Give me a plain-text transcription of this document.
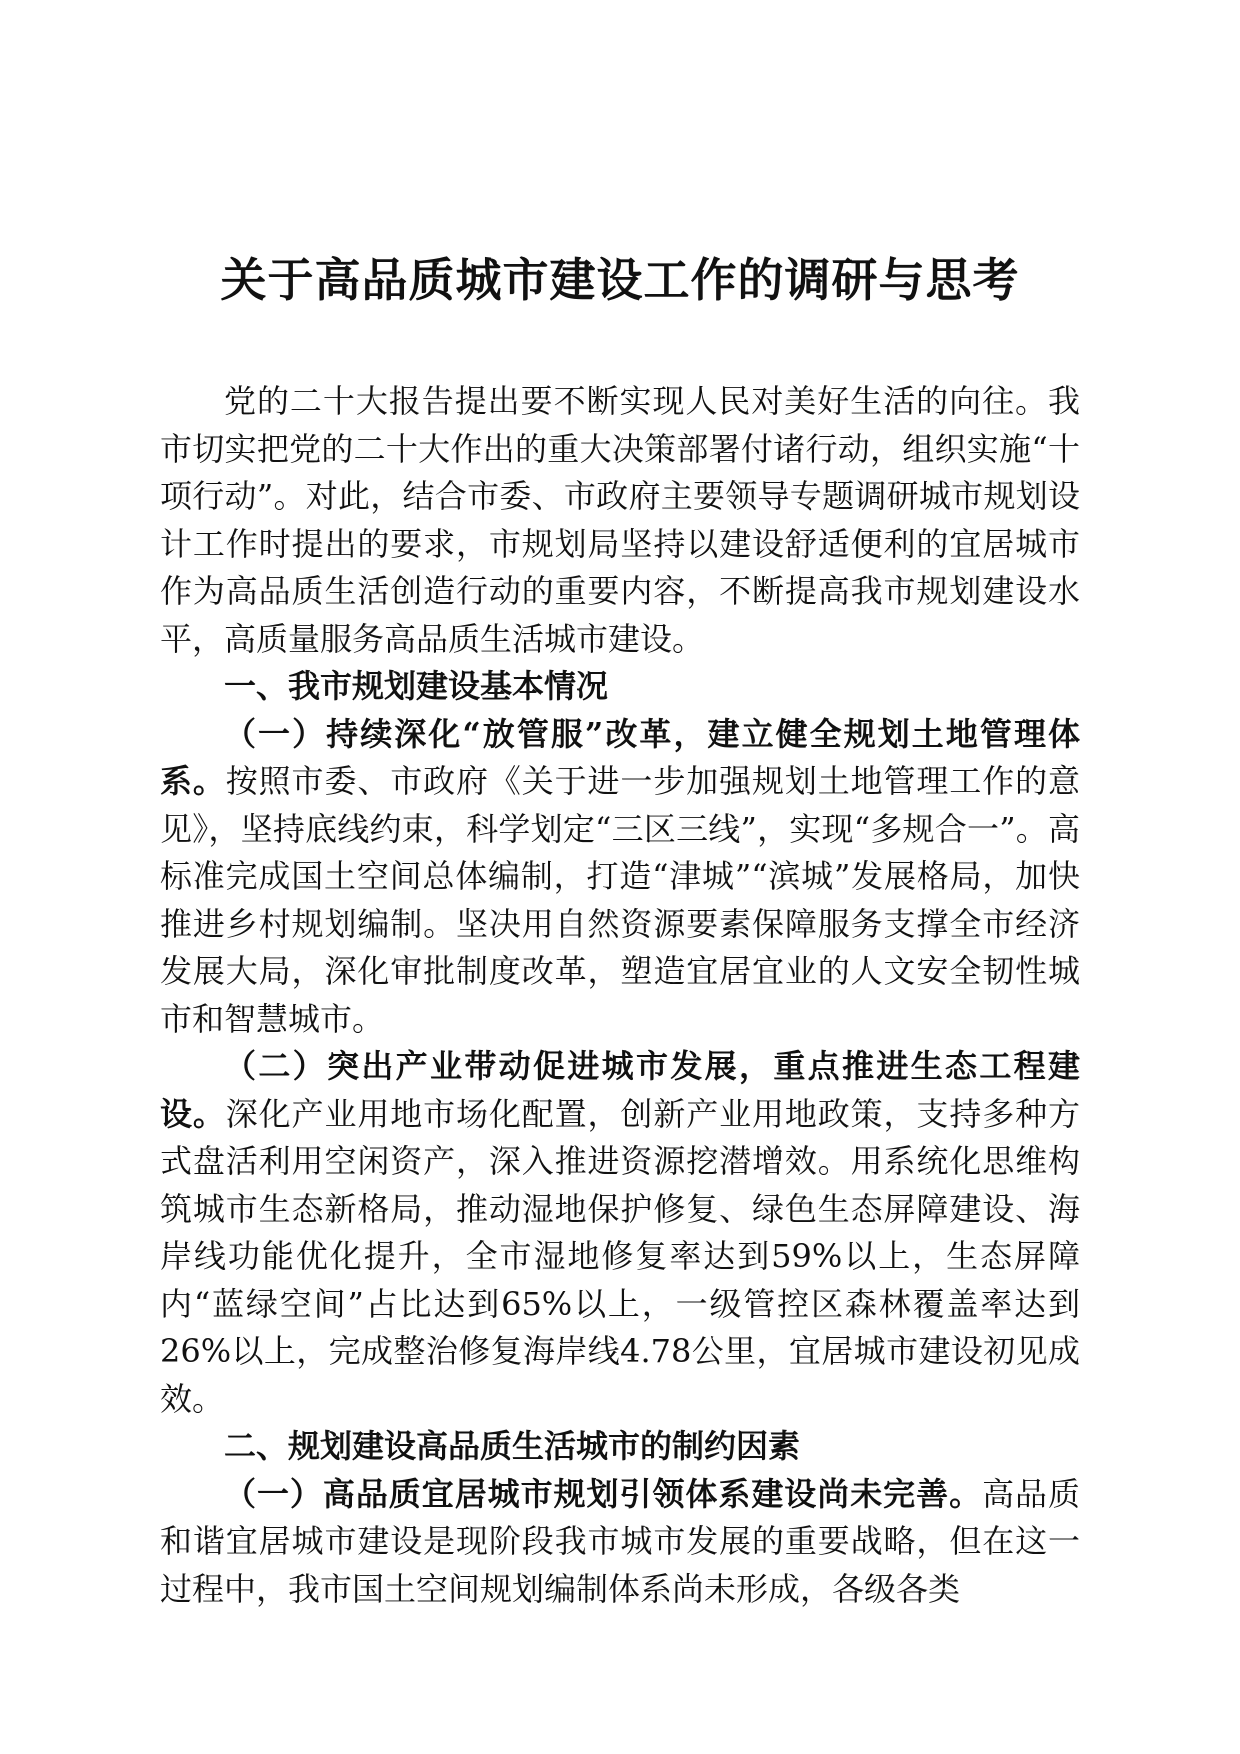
关于高品质城市建设工作的调研与思考

党的二十大报告提出要不断实现人民对美好生活的向往。我市切实把党的二十大作出的重大决策部署付诸行动，组织实施“十项行动”。对此，结合市委、市政府主要领导专题调研城市规划设计工作时提出的要求，市规划局坚持以建设舒适便利的宜居城市作为高品质生活创造行动的重要内容，不断提高我市规划建设水平，高质量服务高品质生活城市建设。

一、我市规划建设基本情况

（一）持续深化“放管服”改革，建立健全规划土地管理体系。按照市委、市政府《关于进一步加强规划土地管理工作的意见》，坚持底线约束，科学划定“三区三线”，实现“多规合一”。高标准完成国土空间总体编制，打造“津城”“滨城”发展格局，加快推进乡村规划编制。坚决用自然资源要素保障服务支撑全市经济发展大局，深化审批制度改革，塑造宜居宜业的人文安全韧性城市和智慧城市。

（二）突出产业带动促进城市发展，重点推进生态工程建设。深化产业用地市场化配置，创新产业用地政策，支持多种方式盘活利用空闲资产，深入推进资源挖潜增效。用系统化思维构筑城市生态新格局，推动湿地保护修复、绿色生态屏障建设、海岸线功能优化提升，全市湿地修复率达到59%以上，生态屏障内“蓝绿空间”占比达到65%以上，一级管控区森林覆盖率达到26%以上，完成整治修复海岸线4.78公里，宜居城市建设初见成效。

二、规划建设高品质生活城市的制约因素

（一）高品质宜居城市规划引领体系建设尚未完善。高品质和谐宜居城市建设是现阶段我市城市发展的重要战略，但在这一过程中，我市国土空间规划编制体系尚未形成，各级各类
